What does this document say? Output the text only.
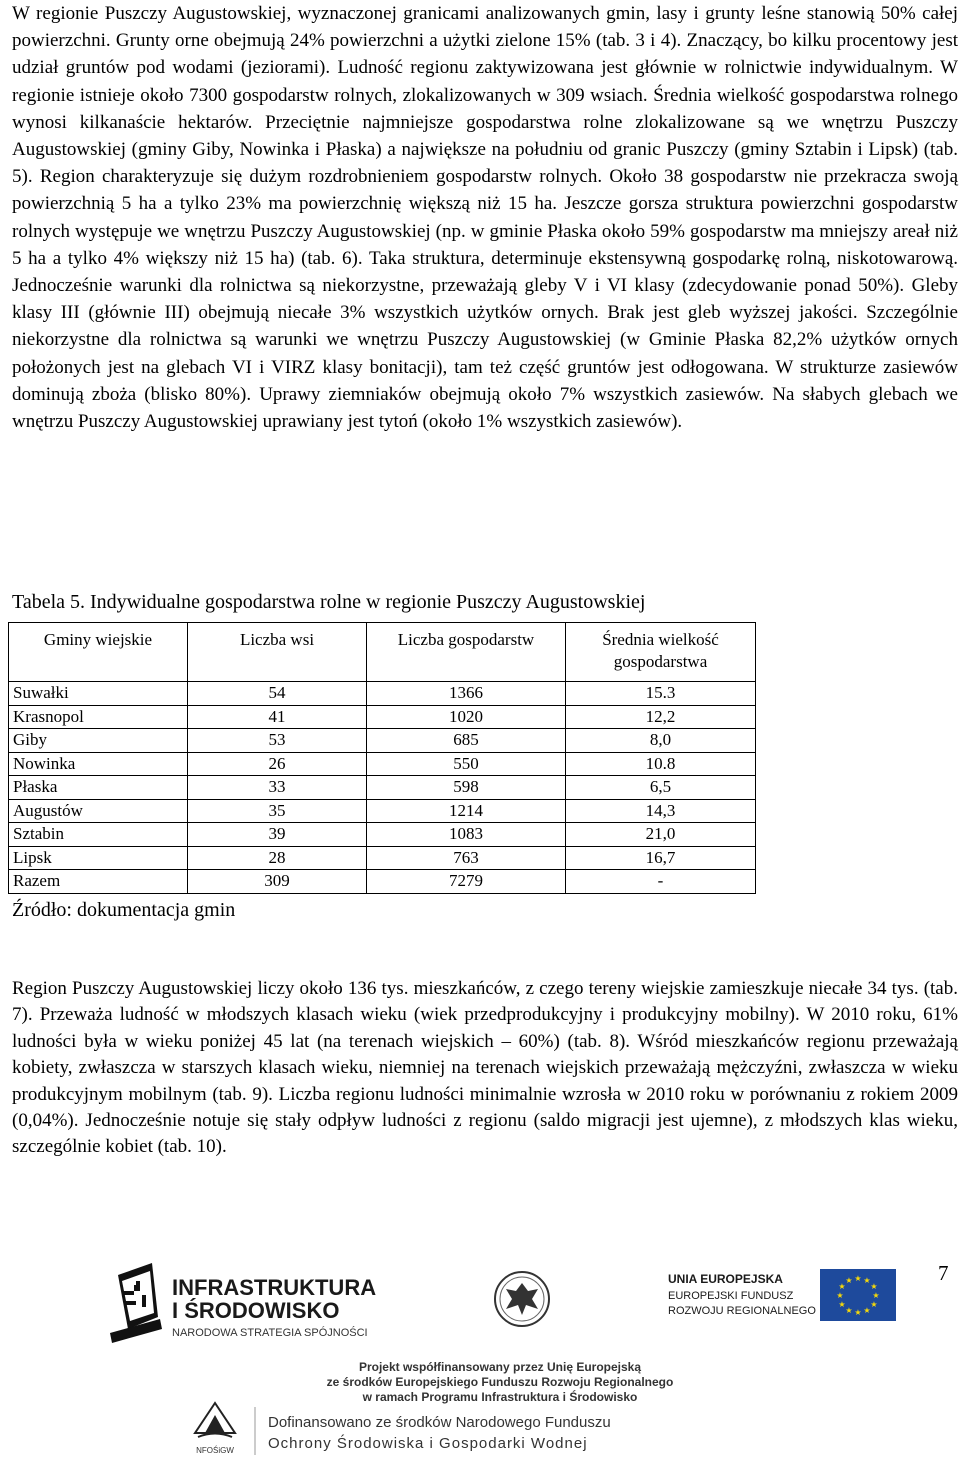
W regionie Puszczy Augustowskiej, wyznaczonej granicami analizowanych gmin, lasy i grunty leśne stanowią 50% całej powierzchni. Grunty orne obejmują 24% powierzchni a użytki zielone 15% (tab. 3 i 4). Znaczący, bo kilku procentowy jest udział gruntów pod wodami (jeziorami). Ludność regionu zaktywizowana jest głównie w rolnictwie indywidualnym. W regionie istnieje około 7300 gospodarstw rolnych, zlokalizowanych w 309 wsiach. Średnia wielkość gospodarstwa rolnego wynosi kilkanaście hektarów. Przeciętnie najmniejsze gospodarstwa rolne zlokalizowane są we wnętrzu Puszczy Augustowskiej (gminy Giby, Nowinka i Płaska) a największe na południu od granic Puszczy (gminy Sztabin i Lipsk) (tab. 5). Region charakteryzuje się dużym rozdrobnieniem gospodarstw rolnych. Około 38 gospodarstw nie przekracza swoją powierzchnią 5 ha a tylko 23% ma powierzchnię większą niż 15 ha. Jeszcze gorsza struktura powierzchni gospodarstw rolnych występuje we wnętrzu Puszczy Augustowskiej (np. w gminie Płaska około 59% gospodarstw ma mniejszy areał niż 5 ha a tylko 4% większy niż 15 ha) (tab. 6). Taka struktura, determinuje ekstensywną gospodarkę rolną, niskotowarową. Jednocześnie warunki dla rolnictwa są niekorzystne, przeważają gleby V i VI klasy (zdecydowanie ponad 50%). Gleby klasy III (głównie III) obejmują niecałe 3% wszystkich użytków ornych. Brak jest gleb wyższej jakości. Szczególnie niekorzystne dla rolnictwa są warunki we wnętrzu Puszczy Augustowskiej (w Gminie Płaska 82,2% użytków ornych położonych jest na glebach VI i VIRZ klasy bonitacji), tam też część gruntów jest odłogowana. W strukturze zasiewów dominują zboża (blisko 80%). Uprawy ziemniaków obejmują około 7% wszystkich zasiewów. Na słabych glebach we wnętrzu Puszczy Augustowskiej uprawiany jest tytoń (około 1% wszystkich zasiewów).

Tabela 5. Indywidualne gospodarstwa rolne w regionie Puszczy Augustowskiej

Gminy wiejskie	Liczba wsi	Liczba gospodarstw	Średnia wielkość gospodarstwa
Suwałki	54	1366	15.3
Krasnopol	41	1020	12,2
Giby	53	685	8,0
Nowinka	26	550	10.8
Płaska	33	598	6,5
Augustów	35	1214	14,3
Sztabin	39	1083	21,0
Lipsk	28	763	16,7
Razem	309	7279	-

Źródło: dokumentacja gmin

Region Puszczy Augustowskiej liczy około 136 tys. mieszkańców, z czego tereny wiejskie zamieszkuje niecałe 34 tys. (tab. 7). Przeważa ludność w młodszych klasach wieku (wiek przedprodukcyjny i produkcyjny mobilny). W 2010 roku, 61% ludności była w wieku poniżej 45 lat (na terenach wiejskich – 60%) (tab. 8). Wśród mieszkańców regionu przeważają kobiety, zwłaszcza w starszych klasach wieku, niemniej na terenach wiejskich przeważają mężczyźni, zwłaszcza w wieku produkcyjnym mobilnym (tab. 9). Liczba regionu ludności minimalnie wzrosła w 2010 roku w porównaniu z rokiem 2009 (0,04%). Jednocześnie notuje się stały odpływ ludności z regionu (saldo migracji jest ujemne), z młodszych klas wieku, szczególnie kobiet (tab. 10).

7
INFRASTRUKTURA
I ŚRODOWISKO
NARODOWA STRATEGIA SPÓJNOŚCI
UNIA EUROPEJSKA
EUROPEJSKI FUNDUSZ
ROZWOJU REGIONALNEGO
★ ★
★
★
★
★
★
★
★
★
★
★
Projekt współfinansowany przez Unię Europejską
ze środków Europejskiego Funduszu Rozwoju Regionalnego
w ramach Programu Infrastruktura i Środowisko
NFOŚiGW
Dofinansowano ze środków Narodowego Funduszu
Ochrony Środowiska i Gospodarki Wodnej
